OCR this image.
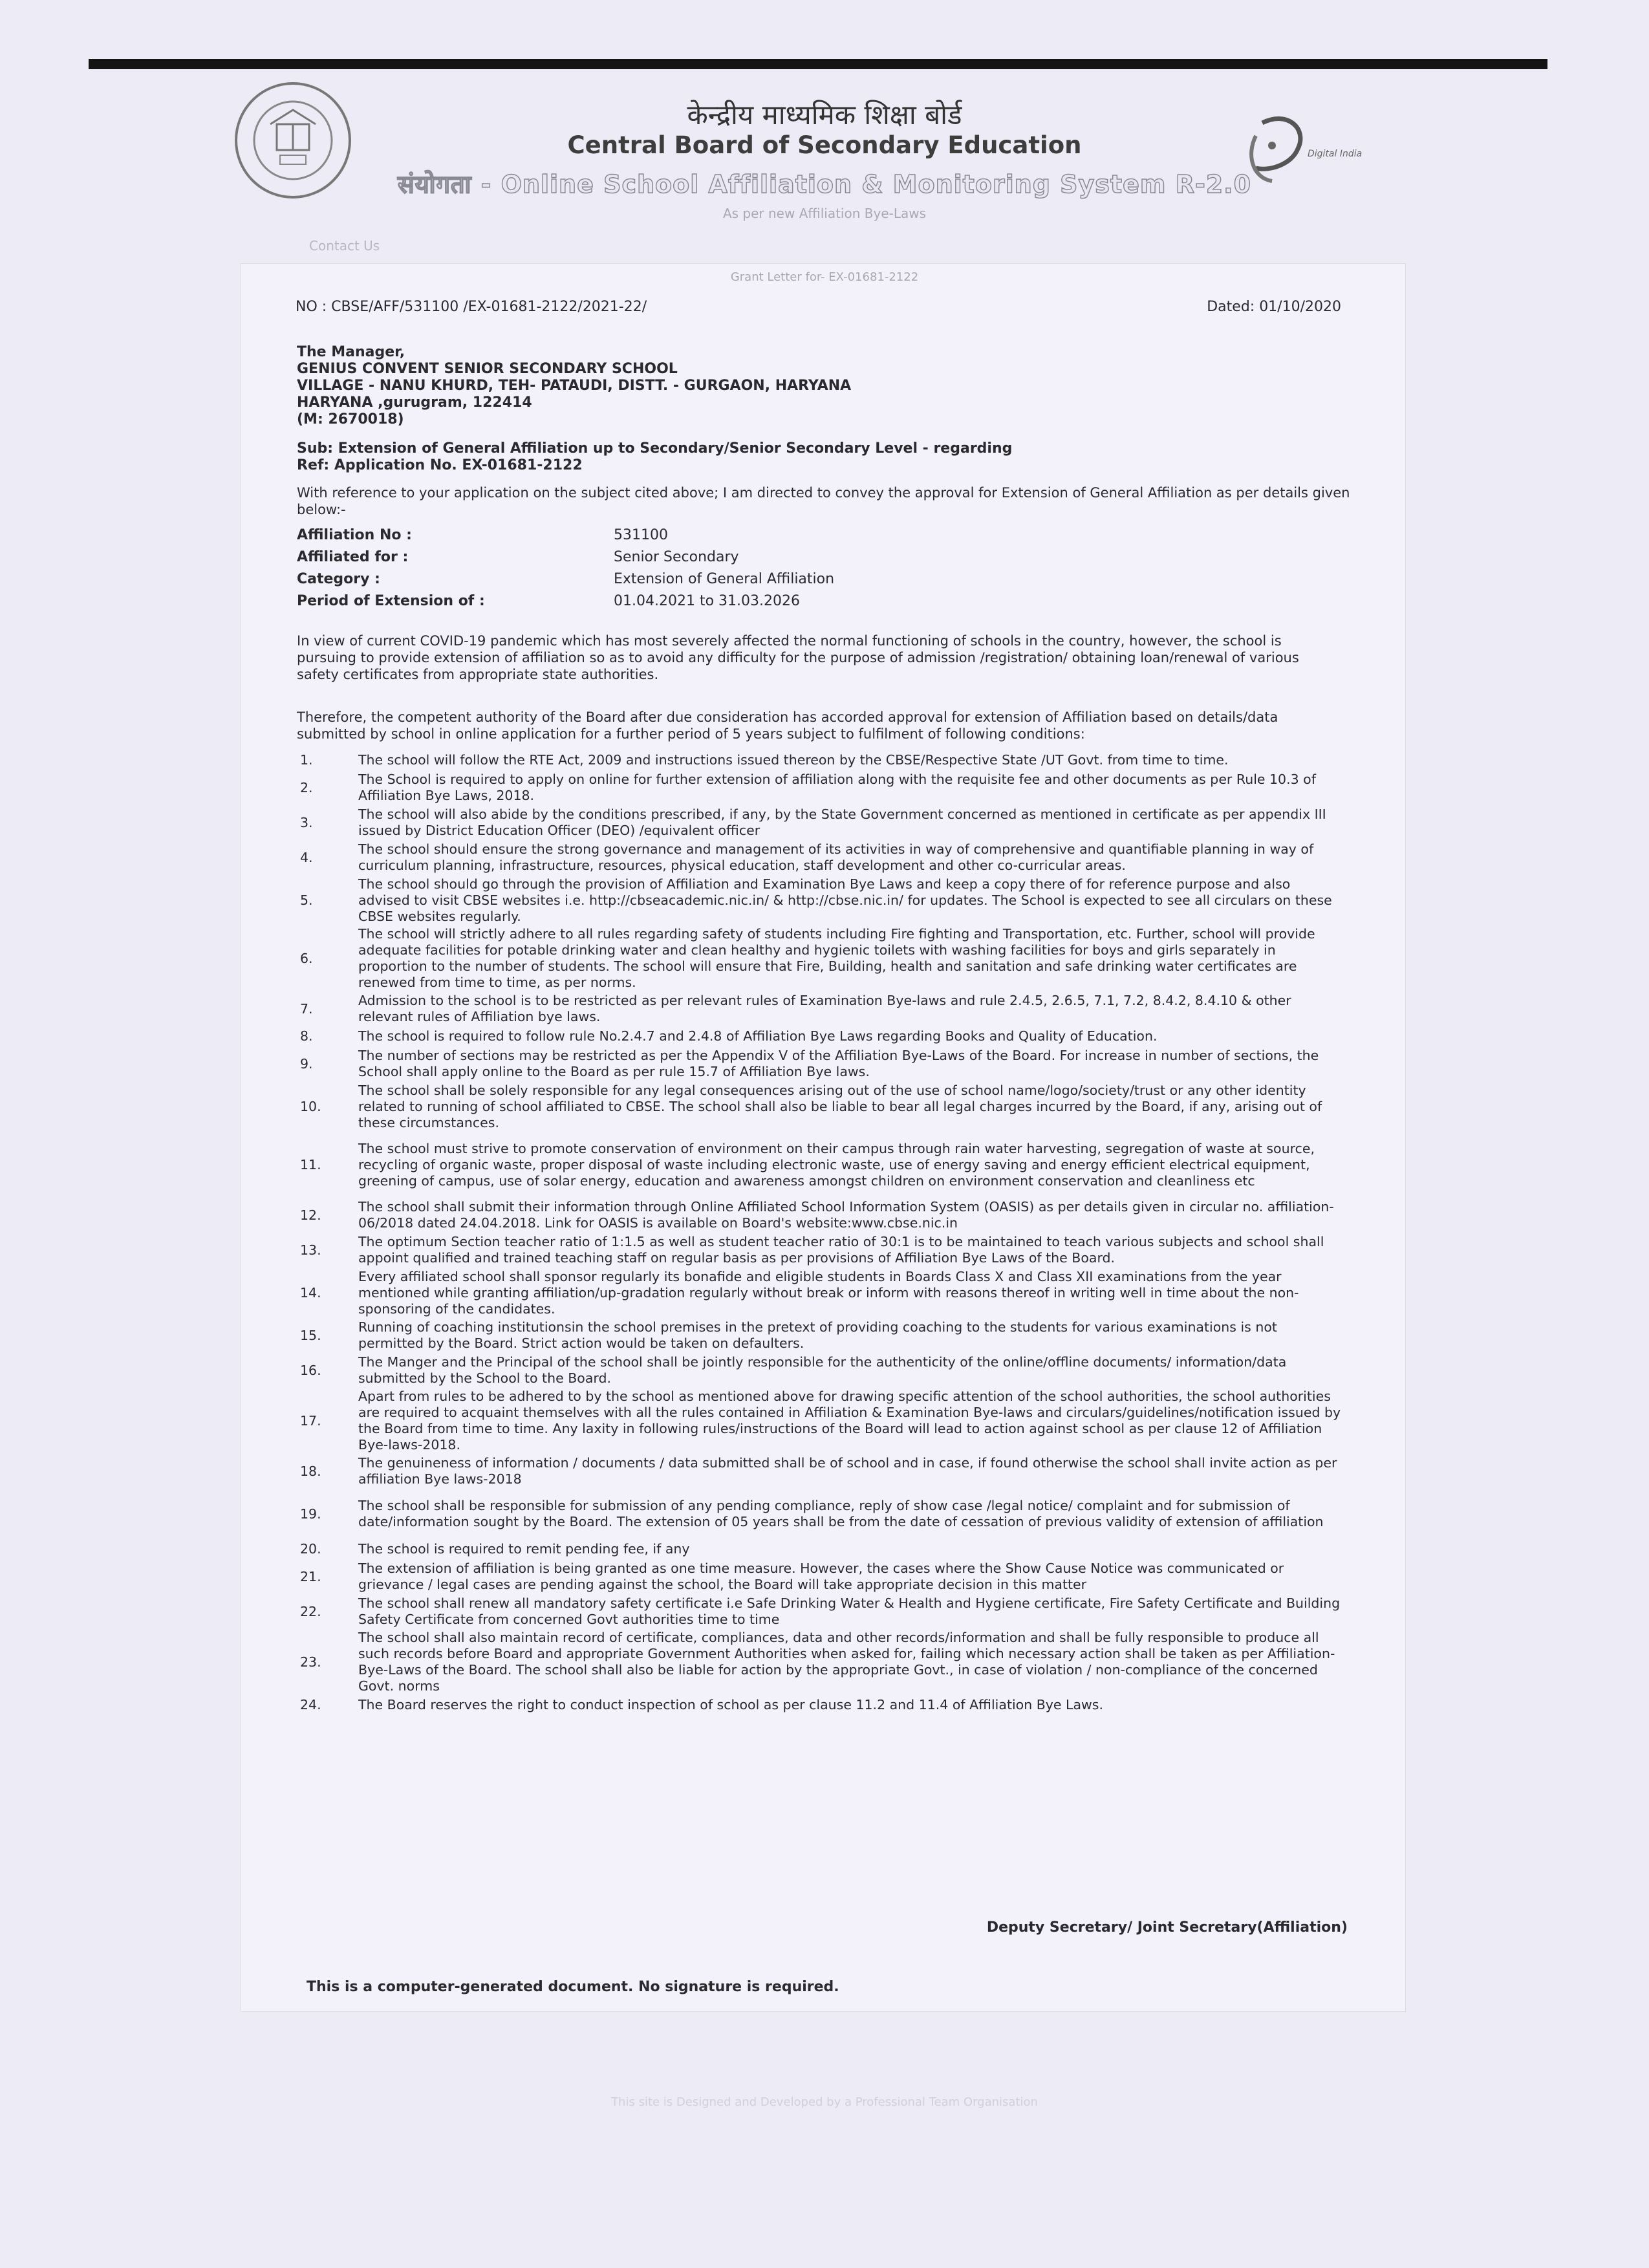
केन्द्रीय माध्यमिक शिक्षा बोर्ड
Central Board of Secondary Education
संयोगता - Online School Affiliation & Monitoring System R-2.0
As per new Affiliation Bye-Laws
Contact Us
Digital India
Grant Letter for- EX-01681-2122
NO : CBSE/AFF/531100 /EX-01681-2122/2021-22/	Dated: 01/10/2020
The Manager,
GENIUS CONVENT SENIOR SECONDARY SCHOOL
VILLAGE - NANU KHURD, TEH- PATAUDI, DISTT. - GURGAON, HARYANA
HARYANA ,gurugram, 122414
(M: 2670018)
Sub: Extension of General Affiliation up to Secondary/Senior Secondary Level - regarding
Ref: Application No. EX-01681-2122
With reference to your application on the subject cited above; I am directed to convey the approval for Extension of General Affiliation as per details given below:-
Affiliation No :	531100
Affiliated for :	Senior Secondary
Category :	Extension of General Affiliation
Period of Extension of :	01.04.2021 to 31.03.2026
In view of current COVID-19 pandemic which has most severely affected the normal functioning of schools in the country, however, the school is pursuing to provide extension of affiliation so as to avoid any difficulty for the purpose of admission /registration/ obtaining loan/renewal of various safety certificates from appropriate state authorities.
Therefore, the competent authority of the Board after due consideration has accorded approval for extension of Affiliation based on details/data submitted by school in online application for a further period of 5 years subject to fulfilment of following conditions:
1.	The school will follow the RTE Act, 2009 and instructions issued thereon by the CBSE/Respective State /UT Govt. from time to time.
2.
The School is required to apply on online for further extension of affiliation along with the requisite fee and other documents as per Rule 10.3 of Affiliation Bye Laws, 2018.
3.
The school will also abide by the conditions prescribed, if any, by the State Government concerned as mentioned in certificate as per appendix III issued by District Education Officer (DEO) /equivalent officer
4.
The school should ensure the strong governance and management of its activities in way of comprehensive and quantifiable planning in way of curriculum planning, infrastructure, resources, physical education, staff development and other co-curricular areas.
5.
The school should go through the provision of Affiliation and Examination Bye Laws and keep a copy there of for reference purpose and also advised to visit CBSE websites i.e. http://cbseacademic.nic.in/ & http://cbse.nic.in/ for updates. The School is expected to see all circulars on these CBSE websites regularly.
6.
The school will strictly adhere to all rules regarding safety of students including Fire fighting and Transportation, etc. Further, school will provide adequate facilities for potable drinking water and clean healthy and hygienic toilets with washing facilities for boys and girls separately in proportion to the number of students. The school will ensure that Fire, Building, health and sanitation and safe drinking water certificates are renewed from time to time, as per norms.
7.
Admission to the school is to be restricted as per relevant rules of Examination Bye-laws and rule 2.4.5, 2.6.5, 7.1, 7.2, 8.4.2, 8.4.10 & other relevant rules of Affiliation bye laws.
8.	The school is required to follow rule No.2.4.7 and 2.4.8 of Affiliation Bye Laws regarding Books and Quality of Education.
9.
The number of sections may be restricted as per the Appendix V of the Affiliation Bye-Laws of the Board. For increase in number of sections, the School shall apply online to the Board as per rule 15.7 of Affiliation Bye laws.
10.
The school shall be solely responsible for any legal consequences arising out of the use of school name/logo/society/trust or any other identity related to running of school affiliated to CBSE. The school shall also be liable to bear all legal charges incurred by the Board, if any, arising out of these circumstances.
11.
The school must strive to promote conservation of environment on their campus through rain water harvesting, segregation of waste at source, recycling of organic waste, proper disposal of waste including electronic waste, use of energy saving and energy efficient electrical equipment, greening of campus, use of solar energy, education and awareness amongst children on environment conservation and cleanliness etc
12.
The school shall submit their information through Online Affiliated School Information System (OASIS) as per details given in circular no. affiliation-06/2018 dated 24.04.2018. Link for OASIS is available on Board's website:www.cbse.nic.in
13.
The optimum Section teacher ratio of 1:1.5 as well as student teacher ratio of 30:1 is to be maintained to teach various subjects and school shall appoint qualified and trained teaching staff on regular basis as per provisions of Affiliation Bye Laws of the Board.
14.
Every affiliated school shall sponsor regularly its bonafide and eligible students in Boards Class X and Class XII examinations from the year mentioned while granting affiliation/up-gradation regularly without break or inform with reasons thereof in writing well in time about the non-sponsoring of the candidates.
15.
Running of coaching institutionsin the school premises in the pretext of providing coaching to the students for various examinations is not permitted by the Board. Strict action would be taken on defaulters.
16.
The Manger and the Principal of the school shall be jointly responsible for the authenticity of the online/offline documents/ information/data submitted by the School to the Board.
17.
Apart from rules to be adhered to by the school as mentioned above for drawing specific attention of the school authorities, the school authorities are required to acquaint themselves with all the rules contained in Affiliation & Examination Bye-laws and circulars/guidelines/notification issued by the Board from time to time. Any laxity in following rules/instructions of the Board will lead to action against school as per clause 12 of Affiliation Bye-laws-2018.
18.
The genuineness of information / documents / data submitted shall be of school and in case, if found otherwise the school shall invite action as per affiliation Bye laws-2018
19.
The school shall be responsible for submission of any pending compliance, reply of show case /legal notice/ complaint and for submission of date/information sought by the Board. The extension of 05 years shall be from the date of cessation of previous validity of extension of affiliation
20.	The school is required to remit pending fee, if any
21.
The extension of affiliation is being granted as one time measure. However, the cases where the Show Cause Notice was communicated or grievance / legal cases are pending against the school, the Board will take appropriate decision in this matter
22.
The school shall renew all mandatory safety certificate i.e Safe Drinking Water & Health and Hygiene certificate, Fire Safety Certificate and Building Safety Certificate from concerned Govt authorities time to time
23.
The school shall also maintain record of certificate, compliances, data and other records/information and shall be fully responsible to produce all such records before Board and appropriate Government Authorities when asked for, failing which necessary action shall be taken as per Affiliation-Bye-Laws of the Board. The school shall also be liable for action by the appropriate Govt., in case of violation / non-compliance of the concerned Govt. norms
24.	The Board reserves the right to conduct inspection of school as per clause 11.2 and 11.4 of Affiliation Bye Laws.
Deputy Secretary/ Joint Secretary(Affiliation)
This is a computer-generated document. No signature is required.
This site is Designed and Developed by a Professional Team Organisation
